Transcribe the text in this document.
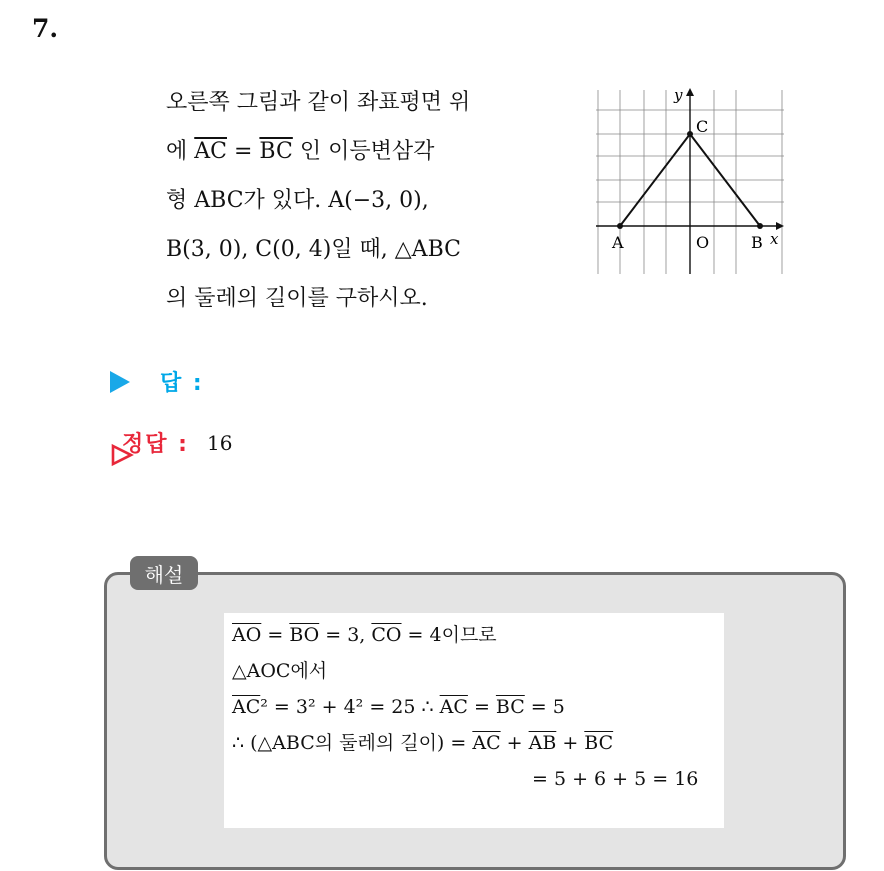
7.
오른쪽 그림과 같이 좌표평면 위
에 $\overline{AC} = \overline{BC}$ 인 이등변삼각
형 ABC가 있다. A(−3, 0),
B(3, 0), C(0, 4)일 때, △ABC
의 둘레의 길이를 구하시오.
y
x
A	O	B
C
답 :
정답 : 16
해설
$\overline{AO} = \overline{BO} = 3$, $\overline{CO} = 4$이므로
△AOC에서
$\overline{AC}^2 = 3^2 + 4^2 = 25$ ∴ $\overline{AC} = \overline{BC} = 5$
∴ (△ABC의 둘레의 길이) = $\overline{AC} + \overline{AB} + \overline{BC}$
= 5 + 6 + 5 = 16
